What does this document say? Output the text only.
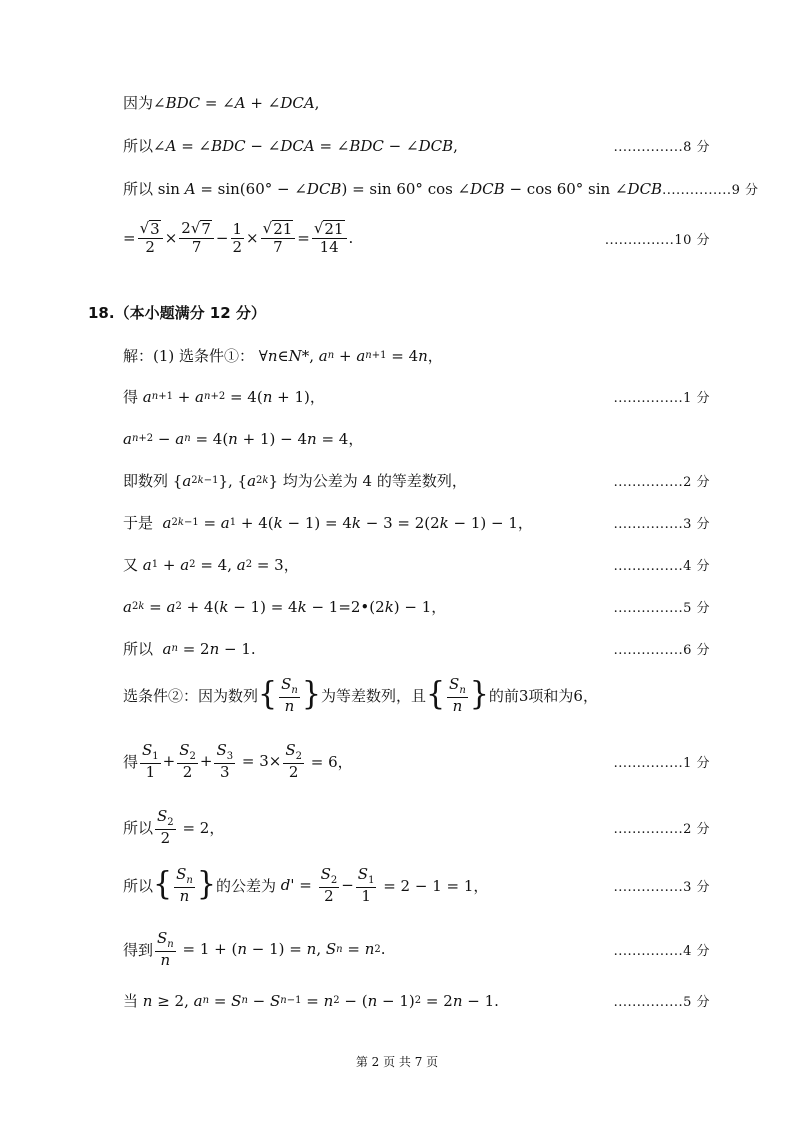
因为∠ BDC = ∠ A + ∠ DCA ,
所以∠ A = ∠ BDC − ∠ DCA = ∠ BDC − ∠ DCB ,	...............8 分
所以 sin A = sin(60° − ∠ DCB ) = sin 60° cos ∠ DCB − cos 60° sin ∠ DCB ...............9 分
= $\frac{√ 3}{2} \times \frac{2 √ 7}{7} - \frac{1}{2} \times \frac{√ 21}{7} = \frac{√ 21}{14}$ .	...............10 分
18.（本小题满分 12 分）
解：(1) 选条件①： ∀ n ∈ N *, a n + a n+1 = 4 n ，
得 a n+1 + a n+2 = 4( n + 1)，	...............1 分
a n+2 − a n = 4( n + 1) − 4 n = 4，
即数列 { a 2k−1 }, { a 2k } 均为公差为 4 的等差数列，	...............2 分
于是 a 2k−1 = a 1 + 4( k − 1) = 4 k − 3 = 2(2 k − 1) − 1，	...............3 分
又 a 1 + a 2 = 4, a 2 = 3，	...............4 分
a 2k = a 2 + 4( k − 1) = 4 k − 1=2•(2 k ) − 1，	...............5 分
所以 a n = 2 n − 1.	...............6 分
选条件②：因为数列 { $\frac{S_n}{n}$ } 为等差数列，且 { $\frac{S_n}{n}$ } 的前3项和为6，
得 $\frac{S_1}{1} + \frac{S_2}{2} + \frac{S_3}{3} = 3\times \frac{S_2}{2} = 6$，	...............1 分
所以 $\frac{S_2}{2} = 2$，	...............2 分
所以 { $\frac{S_n}{n}$ } 的公差为 d ' = $\frac{S_2}{2} - \frac{S_1}{1} = 2 - 1 = 1$，	...............3 分
得到 $\frac{S_n}{n} = 1$ + ( n − 1) = n , S n = n 2 .	...............4 分
当 n ≥ 2, a n = S n − S n−1 = n 2 − ( n − 1) 2 = 2 n − 1.	...............5 分
第 2 页 共 7 页
